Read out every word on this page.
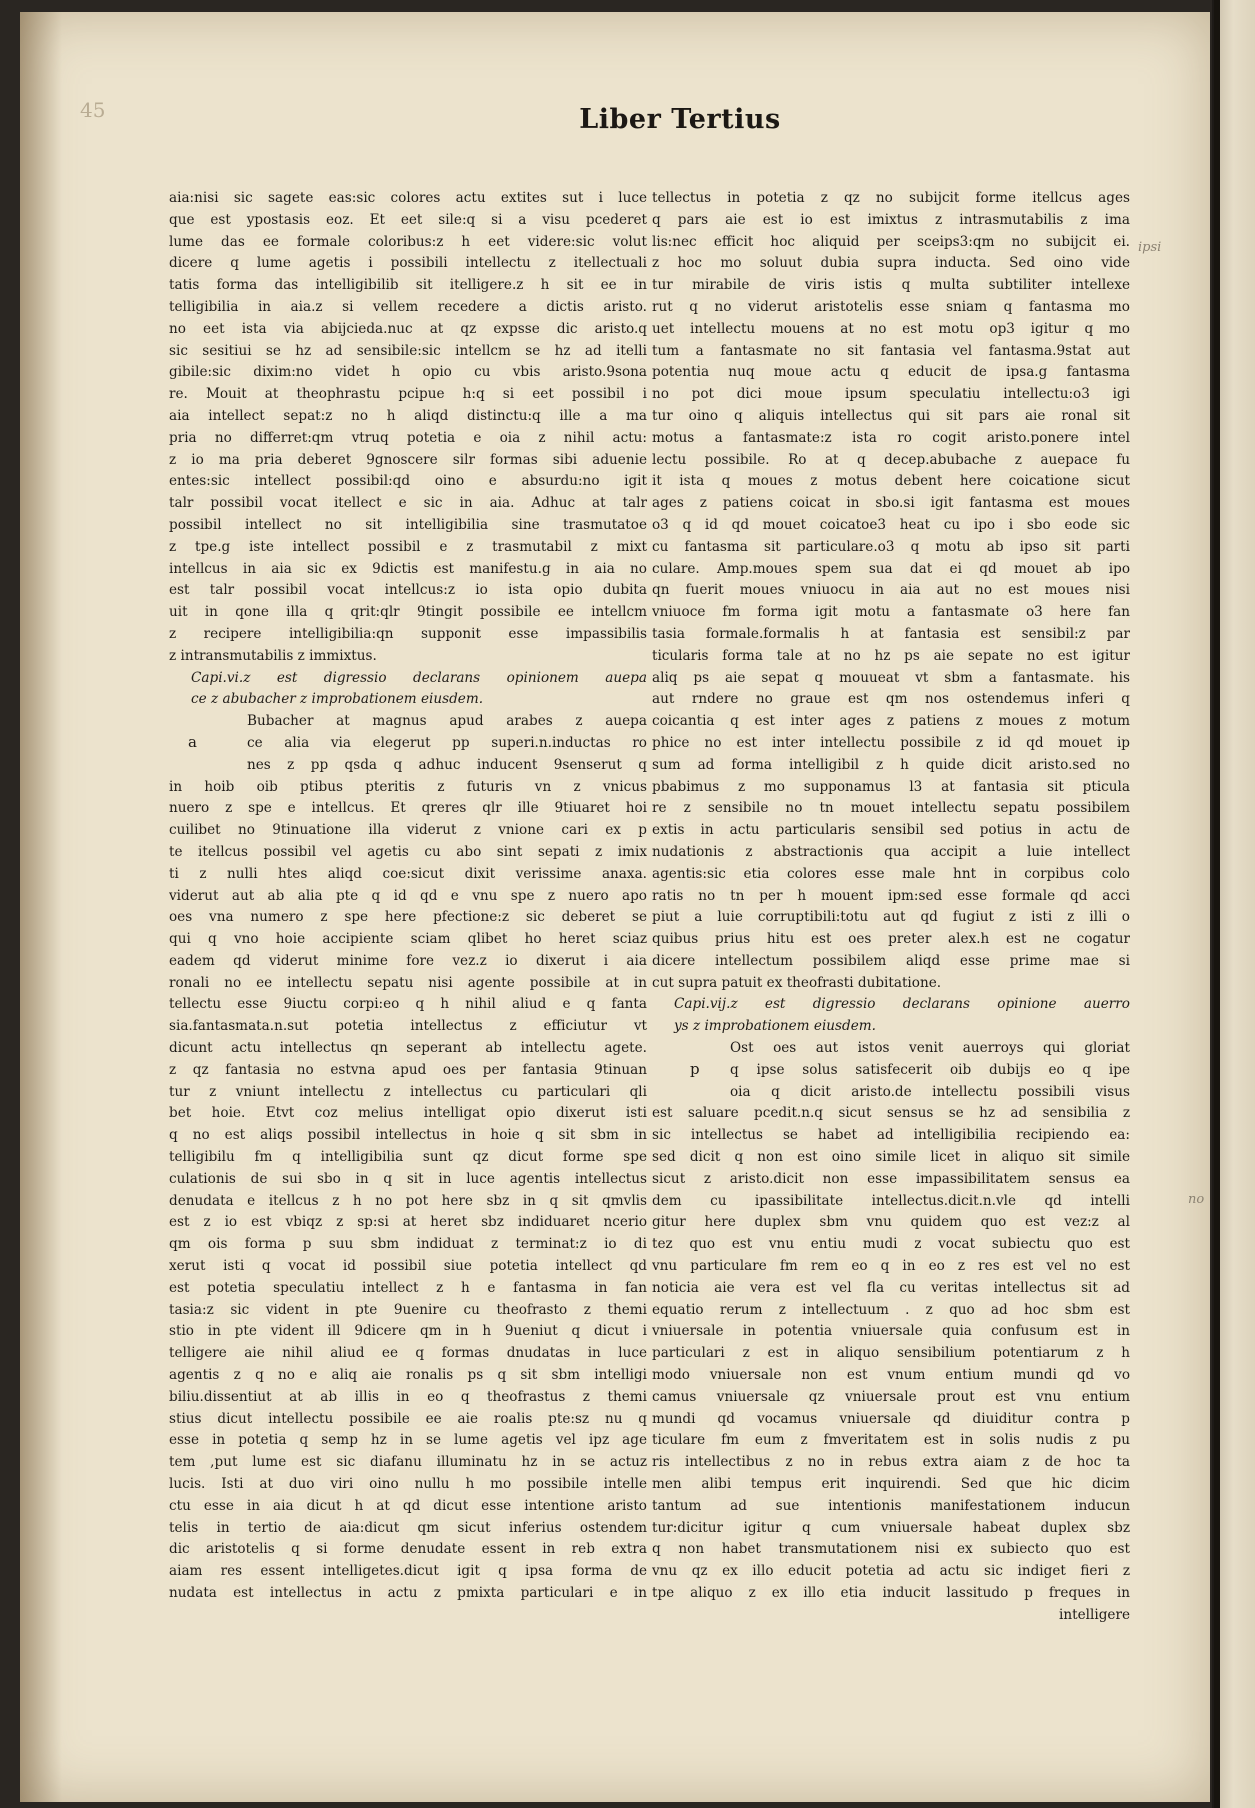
45	Liber Tertius
aia:nisi sic sagete eas:sic colores actu extites sut i luce
que est ypostasis eoz. Et eet sile:q si a visu pcederet
lume das ee formale coloribus:z h eet videre:sic volut
dicere q lume agetis i possibili intellectu z itellectuali
tatis forma das intelligibilib sit itelligere.z h sit ee in
telligibilia in aia.z si vellem recedere a dictis aristo.
no eet ista via abijcieda.nuc at qz expsse dic aristo.q
sic sesitiui se hz ad sensibile:sic intellcm se hz ad itelli
gibile:sic dixim:no videt h opio cu vbis aristo.9sona
re. Mouit at theophrastu pcipue h:q si eet possibil i
aia intellect sepat:z no h aliqd distinctu:q ille a ma
pria no differret:qm vtruq potetia e oia z nihil actu:
z io ma pria deberet 9gnoscere silr formas sibi aduenie
entes:sic intellect possibil:qd oino e absurdu:no igit
talr possibil vocat itellect e sic in aia. Adhuc at talr
possibil intellect no sit intelligibilia sine trasmutatoe
z tpe.g iste intellect possibil e z trasmutabil z mixt
intellcus in aia sic ex 9dictis est manifestu.g in aia no
est talr possibil vocat intellcus:z io ista opio dubita
uit in qone illa q qrit:qlr 9tingit possibile ee intellcm
z recipere intelligibilia:qn supponit esse impassibilis
z intransmutabilis z immixtus.
Capi.vi.z est digressio declarans opinionem auepa
ce z abubacher z improbationem eiusdem.
Bubacher at magnus apud arabes z auepa
ce alia via elegerut pp superi.n.inductas ro
nes z pp qsda q adhuc inducent 9senserut q
in hoib oib ptibus pteritis z futuris vn z vnicus
nuero z spe e intellcus. Et qreres qlr ille 9tiuaret hoi
cuilibet no 9tinuatione illa viderut z vnione cari ex p
te itellcus possibil vel agetis cu abo sint sepati z imix
ti z nulli htes aliqd coe:sicut dixit verissime anaxa.
viderut aut ab alia pte q id qd e vnu spe z nuero apo
oes vna numero z spe here pfectione:z sic deberet se
qui q vno hoie accipiente sciam qlibet ho heret sciaz
eadem qd viderut minime fore vez.z io dixerut i aia
ronali no ee intellectu sepatu nisi agente possibile at in
tellectu esse 9iuctu corpi:eo q h nihil aliud e q fanta
sia.fantasmata.n.sut potetia intellectus z efficiutur vt
dicunt actu intellectus qn seperant ab intellectu agete.
z qz fantasia no estvna apud oes per fantasia 9tinuan
tur z vniunt intellectu z intellectus cu particulari qli
bet hoie. Etvt coz melius intelligat opio dixerut isti
q no est aliqs possibil intellectus in hoie q sit sbm in
telligibilu fm q intelligibilia sunt qz dicut forme spe
culationis de sui sbo in q sit in luce agentis intellectus
denudata e itellcus z h no pot here sbz in q sit qmvlis
est z io est vbiqz z sp:si at heret sbz indiduaret ncerio
qm ois forma p suu sbm indiduat z terminat:z io di
xerut isti q vocat id possibil siue potetia intellect qd
est potetia speculatiu intellect z h e fantasma in fan
tasia:z sic vident in pte 9uenire cu theofrasto z themi
stio in pte vident ill 9dicere qm in h 9ueniut q dicut i
telligere aie nihil aliud ee q formas dnudatas in luce
agentis z q no e aliq aie ronalis ps q sit sbm intelligi
biliu.dissentiut at ab illis in eo q theofrastus z themi
stius dicut intellectu possibile ee aie roalis pte:sz nu q
esse in potetia q semp hz in se lume agetis vel ipz age
tem ,put lume est sic diafanu illuminatu hz in se actuz
lucis. Isti at duo viri oino nullu h mo possibile intelle
ctu esse in aia dicut h at qd dicut esse intentione aristo
telis in tertio de aia:dicut qm sicut inferius ostendem
dic aristotelis q si forme denudate essent in reb extra
aiam res essent intelligetes.dicut igit q ipsa forma de
nudata est intellectus in actu z pmixta particulari e in
tellectus in potetia z qz no subijcit forme itellcus ages
q pars aie est io est imixtus z intrasmutabilis z ima
lis:nec efficit hoc aliquid per sceips3:qm no subijcit ei.
z hoc mo soluut dubia supra inducta. Sed oino vide
tur mirabile de viris istis q multa subtiliter intellexe
rut q no viderut aristotelis esse sniam q fantasma mo
uet intellectu mouens at no est motu op3 igitur q mo
tum a fantasmate no sit fantasia vel fantasma.9stat aut
potentia nuq moue actu q educit de ipsa.g fantasma
no pot dici moue ipsum speculatiu intellectu:o3 igi
tur oino q aliquis intellectus qui sit pars aie ronal sit
motus a fantasmate:z ista ro cogit aristo.ponere intel
lectu possibile. Ro at q decep.abubache z auepace fu
it ista q moues z motus debent here coicatione sicut
ages z patiens coicat in sbo.si igit fantasma est moues
o3 q id qd mouet coicatoe3 heat cu ipo i sbo eode sic
cu fantasma sit particulare.o3 q motu ab ipso sit parti
culare. Amp.moues spem sua dat ei qd mouet ab ipo
qn fuerit moues vniuocu in aia aut no est moues nisi
vniuoce fm forma igit motu a fantasmate o3 here fan
tasia formale.formalis h at fantasia est sensibil:z par
ticularis forma tale at no hz ps aie sepate no est igitur
aliq ps aie sepat q mouueat vt sbm a fantasmate. his
aut rndere no graue est qm nos ostendemus inferi q
coicantia q est inter ages z patiens z moues z motum
phice no est inter intellectu possibile z id qd mouet ip
sum ad forma intelligibil z h quide dicit aristo.sed no
pbabimus z mo supponamus l3 at fantasia sit pticula
re z sensibile no tn mouet intellectu sepatu possibilem
extis in actu particularis sensibil sed potius in actu de
nudationis z abstractionis qua accipit a luie intellect
agentis:sic etia colores esse male hnt in corpibus colo
ratis no tn per h mouent ipm:sed esse formale qd acci
piut a luie corruptibili:totu aut qd fugiut z isti z illi o
quibus prius hitu est oes preter alex.h est ne cogatur
dicere intellectum possibilem aliqd esse prime mae si
cut supra patuit ex theofrasti dubitatione.
Capi.vij.z est digressio declarans opinione auerro
ys z improbationem eiusdem.
Ost oes aut istos venit auerroys qui gloriat
q ipse solus satisfecerit oib dubijs eo q ipe
oia q dicit aristo.de intellectu possibili visus
est saluare pcedit.n.q sicut sensus se hz ad sensibilia z
sic intellectus se habet ad intelligibilia recipiendo ea:
sed dicit q non est oino simile licet in aliquo sit simile
sicut z aristo.dicit non esse impassibilitatem sensus ea
dem cu ipassibilitate intellectus.dicit.n.vle qd intelli
gitur here duplex sbm vnu quidem quo est vez:z al
tez quo est vnu entiu mudi z vocat subiectu quo est
vnu particulare fm rem eo q in eo z res est vel no est
noticia aie vera est vel fla cu veritas intellectus sit ad
equatio rerum z intellectuum . z quo ad hoc sbm est
vniuersale in potentia vniuersale quia confusum est in
particulari z est in aliquo sensibilium potentiarum z h
modo vniuersale non est vnum entium mundi qd vo
camus vniuersale qz vniuersale prout est vnu entium
mundi qd vocamus vniuersale qd diuiditur contra p
ticulare fm eum z fmveritatem est in solis nudis z pu
ris intellectibus z no in rebus extra aiam z de hoc ta
men alibi tempus erit inquirendi. Sed que hic dicim
tantum ad sue intentionis manifestationem inducun
tur:dicitur igitur q cum vniuersale habeat duplex sbz
q non habet transmutationem nisi ex subiecto quo est
vnu qz ex illo educit potetia ad actu sic indiget fieri z
tpe aliquo z ex illo etia inducit lassitudo p freques in
intelligere
a
p
ipsi
no
